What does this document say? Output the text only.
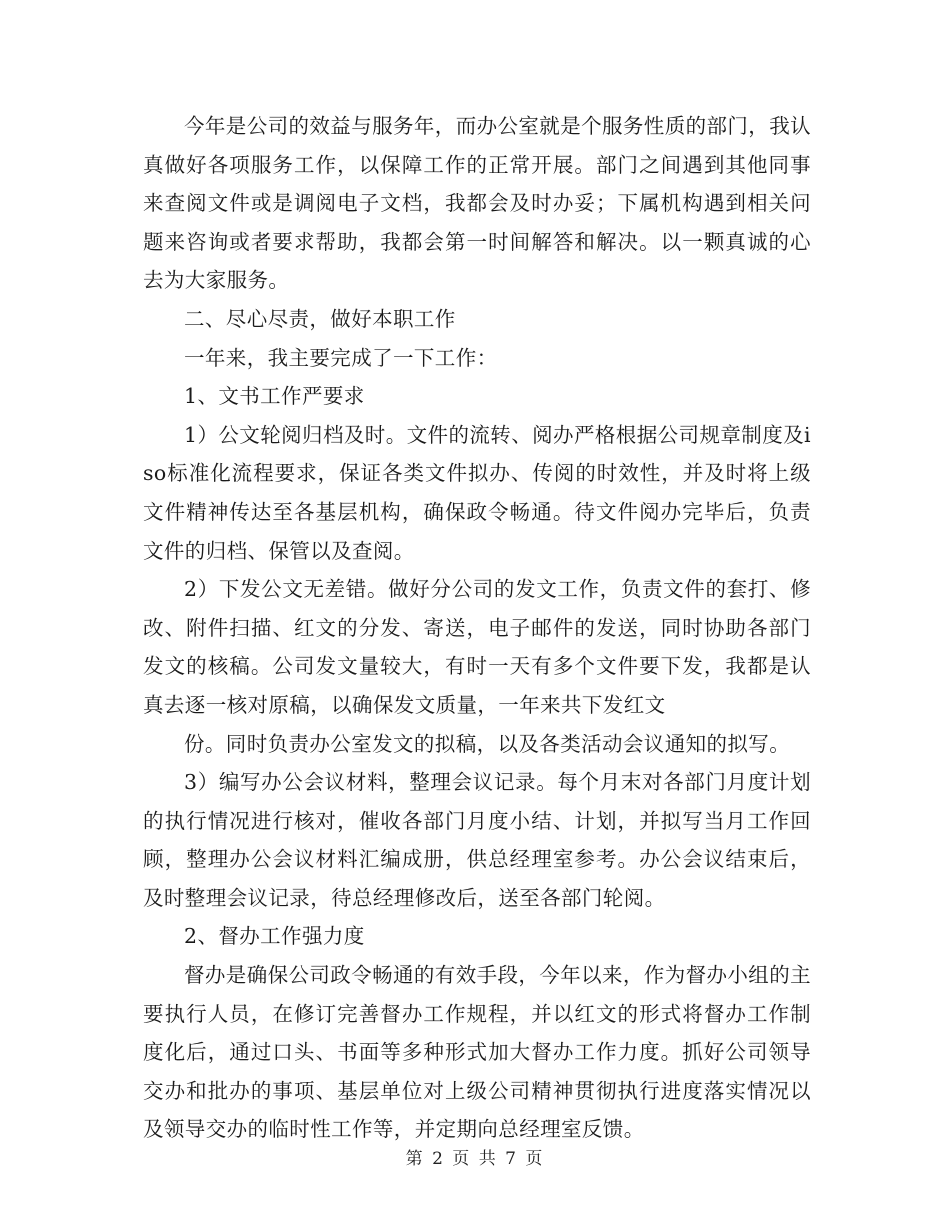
今年是公司的效益与服务年，而办公室就是个服务性质的部门，我认真做好各项服务工作，以保障工作的正常开展。部门之间遇到其他同事来查阅文件或是调阅电子文档，我都会及时办妥；下属机构遇到相关问题来咨询或者要求帮助，我都会第一时间解答和解决。以一颗真诚的心去为大家服务。

二、尽心尽责，做好本职工作

一年来，我主要完成了一下工作：

1、文书工作严要求

1）公文轮阅归档及时。文件的流转、阅办严格根据公司规章制度及iso标准化流程要求，保证各类文件拟办、传阅的时效性，并及时将上级文件精神传达至各基层机构，确保政令畅通。待文件阅办完毕后，负责文件的归档、保管以及查阅。

2）下发公文无差错。做好分公司的发文工作，负责文件的套打、修改、附件扫描、红文的分发、寄送，电子邮件的发送，同时协助各部门发文的核稿。公司发文量较大，有时一天有多个文件要下发，我都是认真去逐一核对原稿，以确保发文质量，一年来共下发红文

份。同时负责办公室发文的拟稿，以及各类活动会议通知的拟写。

3）编写办公会议材料，整理会议记录。每个月末对各部门月度计划的执行情况进行核对，催收各部门月度小结、计划，并拟写当月工作回顾，整理办公会议材料汇编成册，供总经理室参考。办公会议结束后，及时整理会议记录，待总经理修改后，送至各部门轮阅。

2、督办工作强力度

督办是确保公司政令畅通的有效手段，今年以来，作为督办小组的主要执行人员，在修订完善督办工作规程，并以红文的形式将督办工作制度化后，通过口头、书面等多种形式加大督办工作力度。抓好公司领导交办和批办的事项、基层单位对上级公司精神贯彻执行进度落实情况以及领导交办的临时性工作等，并定期向总经理室反馈。

第 2 页 共 7 页
